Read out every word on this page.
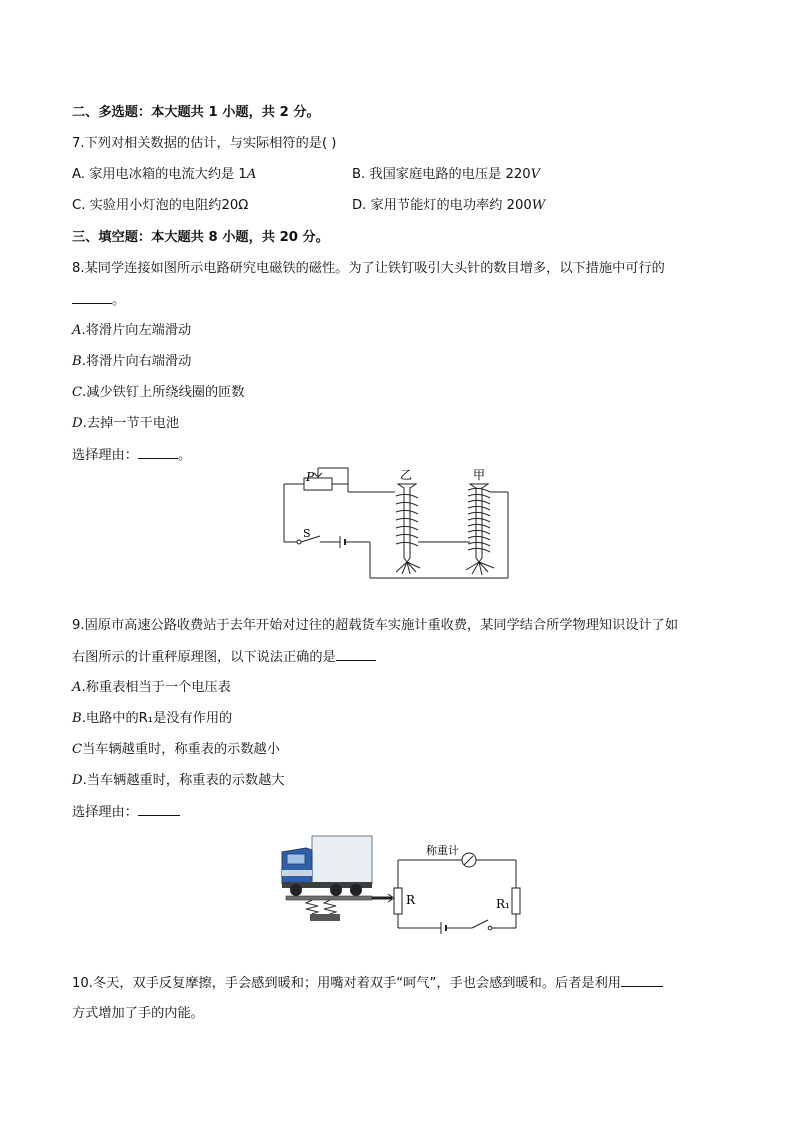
二、多选题：本大题共 1 小题，共 2 分。
7.下列对相关数据的估计，与实际相符的是( )
A. 家用电冰箱的电流大约是 1A	B. 我国家庭电路的电压是 220V
C. 实验用小灯泡的电阻约20Ω	D. 家用节能灯的电功率约 200W
三、填空题：本大题共 8 小题，共 20 分。
8.某同学连接如图所示电路研究电磁铁的磁性。为了让铁钉吸引大头针的数目增多，以下措施中可行的
。
A.将滑片向左端滑动
B.将滑片向右端滑动
C.减少铁钉上所绕线圈的匝数
D.去掉一节干电池
选择理由：	。
P
S
乙	甲
9.固原市高速公路收费站于去年开始对过往的超载货车实施计重收费，某同学结合所学物理知识设计了如
右图所示的计重秤原理图，以下说法正确的是
A.称重表相当于一个电压表
B.电路中的R₁是没有作用的
C当车辆越重时，称重表的示数越小
D.当车辆越重时，称重表的示数越大
选择理由：
称重计
R	R₁
10.冬天，双手反复摩擦，手会感到暖和；用嘴对着双手“呵气”，手也会感到暖和。后者是利用
方式增加了手的内能。
